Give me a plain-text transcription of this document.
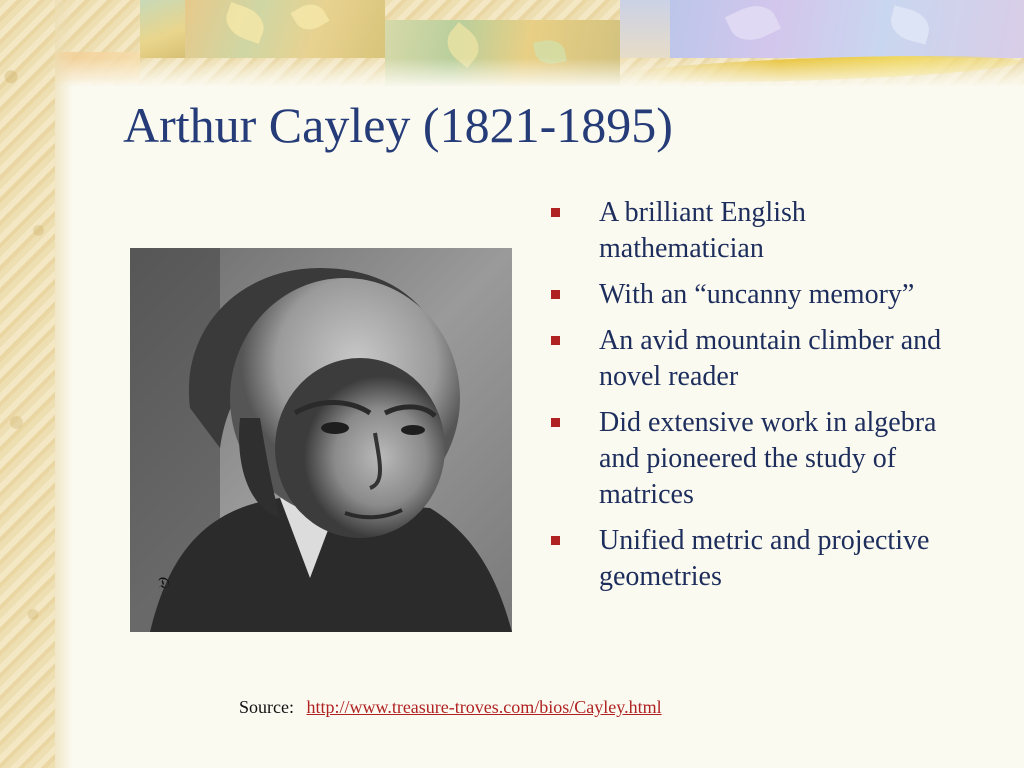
Arthur Cayley (1821-1895)
𝔇
A brilliant English mathematician
With an “uncanny memory”
An avid mountain climber and novel reader
Did extensive work in algebra and pioneered the study of matrices
Unified metric and projective geometries
Source: http://www.treasure-troves.com/bios/Cayley.html
